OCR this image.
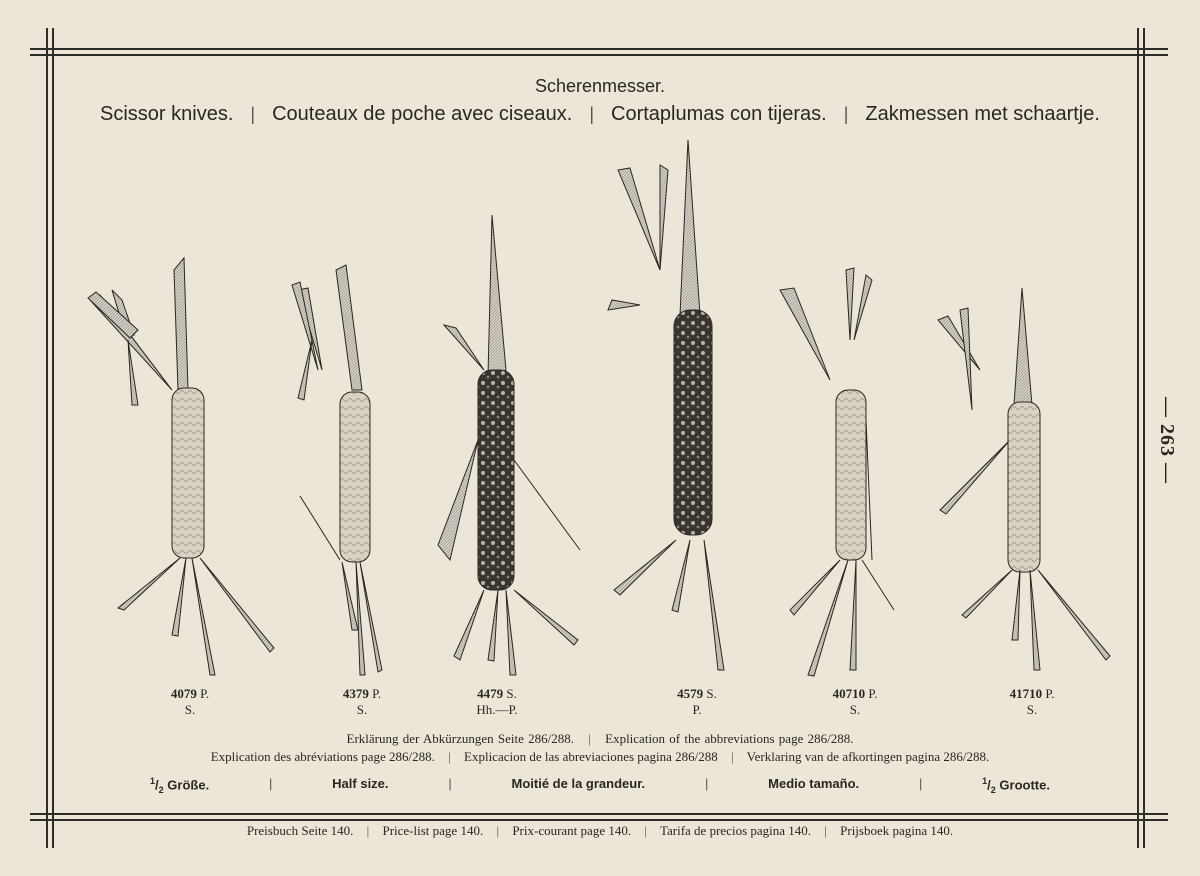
— 263 —
Scherenmesser.
Scissor knives. | Couteaux de poche avec ciseaux. | Cortaplumas con tijeras. | Zakmessen met schaartje.
4079 P.
S.
4379 P.
S.
4479 S.
Hh.—P.
4579 S.
P.
40710 P.
S.
41710 P.
S.
Erklärung der Abkürzungen Seite 286/288. | Explication of the abbreviations page 286/288.
Explication des abréviations page 286/288. | Explicacion de las abreviaciones pagina 286/288 | Verklaring van de afkortingen pagina 286/288.
$^1/_2$ Größe.	|	Half size.	|	Moitié de la grandeur.	|	Medio tamaño.	|	$^1/_2$ Grootte.
Preisbuch Seite 140. | Price-list page 140. | Prix-courant page 140. | Tarifa de precios pagina 140. | Prijsboek pagina 140.
